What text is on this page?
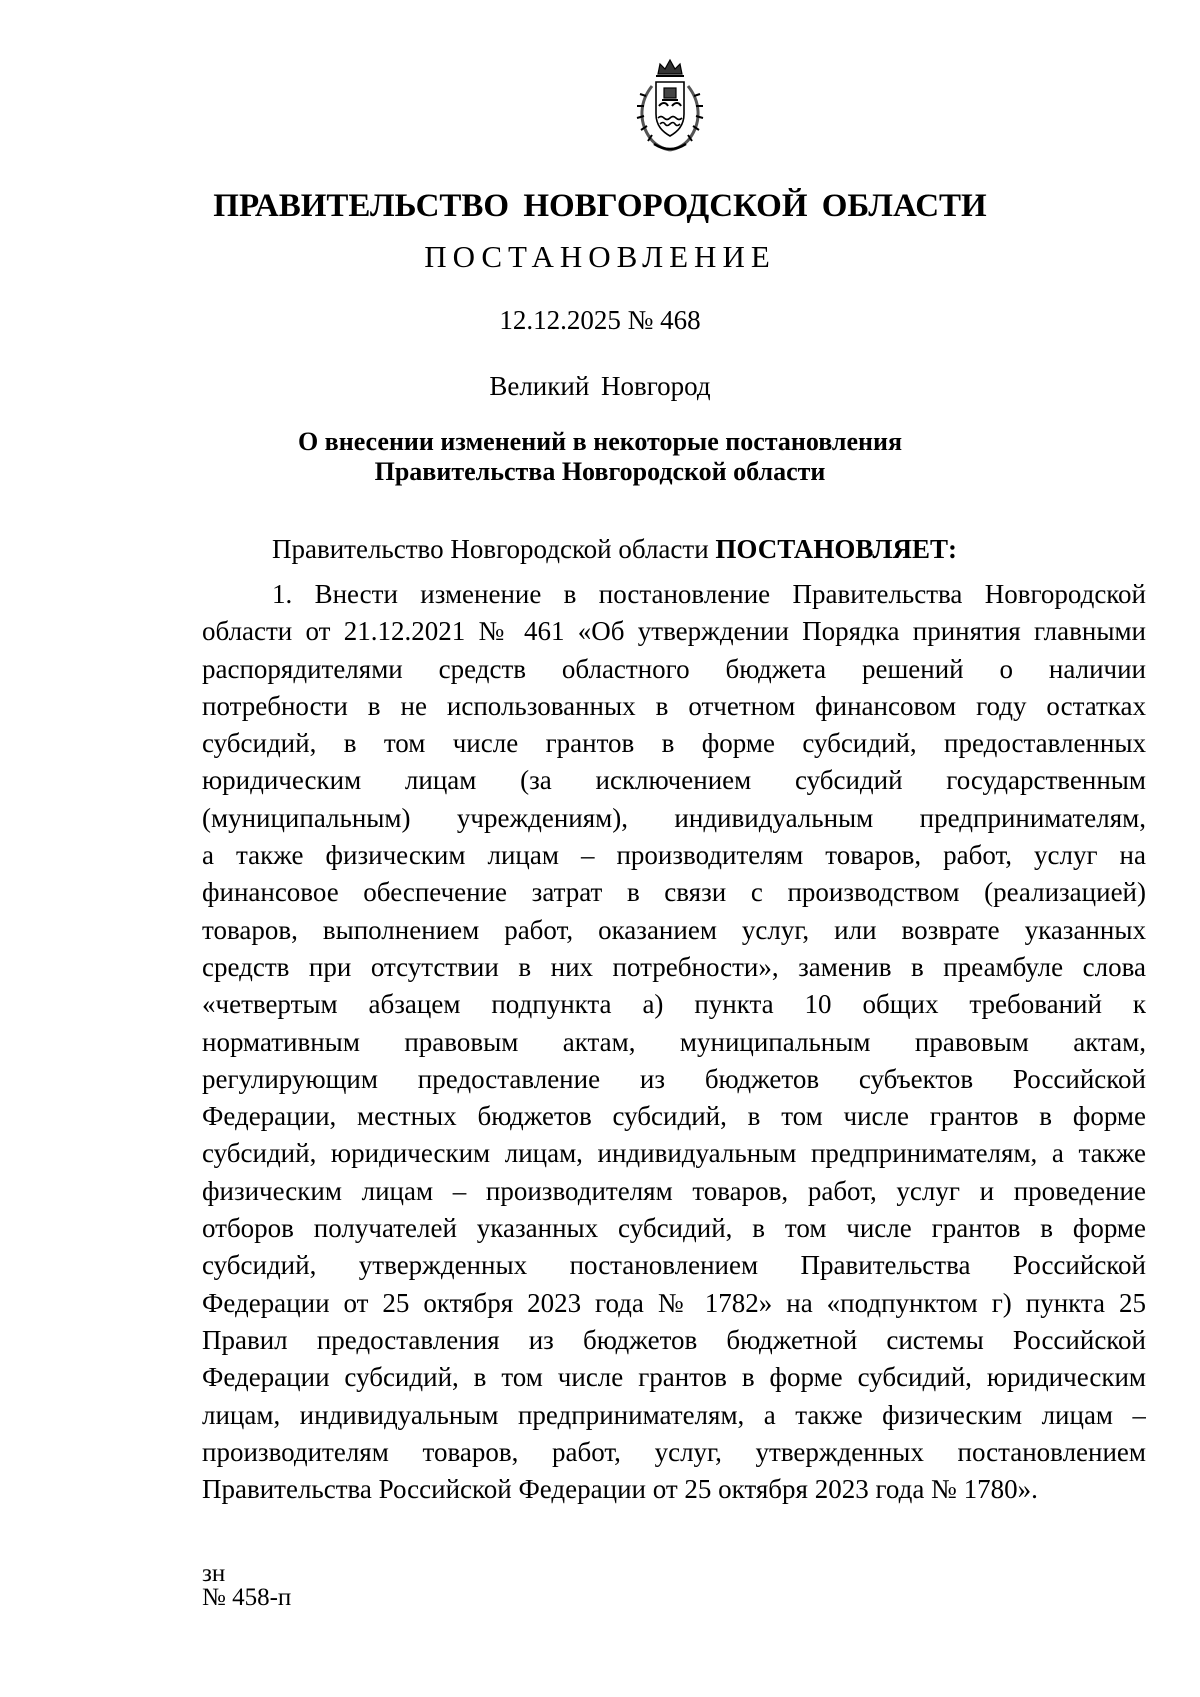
ПРАВИТЕЛЬСТВО НОВГОРОДСКОЙ ОБЛАСТИ
ПОСТАНОВЛЕНИЕ
12.12.2025 № 468
Великий Новгород
О внесении изменений в некоторые постановления
Правительства Новгородской области
Правительство Новгородской области ПОСТАНОВЛЯЕТ:
1. Внести изменение в постановление Правительства Новгородской
области от 21.12.2021 № 461 «Об утверждении Порядка принятия главными
распорядителями средств областного бюджета решений о наличии
потребности в не использованных в отчетном финансовом году остатках
субсидий, в том числе грантов в форме субсидий, предоставленных
юридическим лицам (за исключением субсидий государственным
(муниципальным) учреждениям), индивидуальным предпринимателям,
а также физическим лицам – производителям товаров, работ, услуг на
финансовое обеспечение затрат в связи с производством (реализацией)
товаров, выполнением работ, оказанием услуг, или возврате указанных
средств при отсутствии в них потребности», заменив в преамбуле слова
«четвертым абзацем подпункта а) пункта 10 общих требований к
нормативным правовым актам, муниципальным правовым актам,
регулирующим предоставление из бюджетов субъектов Российской
Федерации, местных бюджетов субсидий, в том числе грантов в форме
субсидий, юридическим лицам, индивидуальным предпринимателям, а также
физическим лицам – производителям товаров, работ, услуг и проведение
отборов получателей указанных субсидий, в том числе грантов в форме
субсидий, утвержденных постановлением Правительства Российской
Федерации от 25 октября 2023 года № 1782» на «подпунктом г) пункта 25
Правил предоставления из бюджетов бюджетной системы Российской
Федерации субсидий, в том числе грантов в форме субсидий, юридическим
лицам, индивидуальным предпринимателям, а также физическим лицам –
производителям товаров, работ, услуг, утвержденных постановлением
Правительства Российской Федерации от 25 октября 2023 года № 1780».
зн
№ 458-п
